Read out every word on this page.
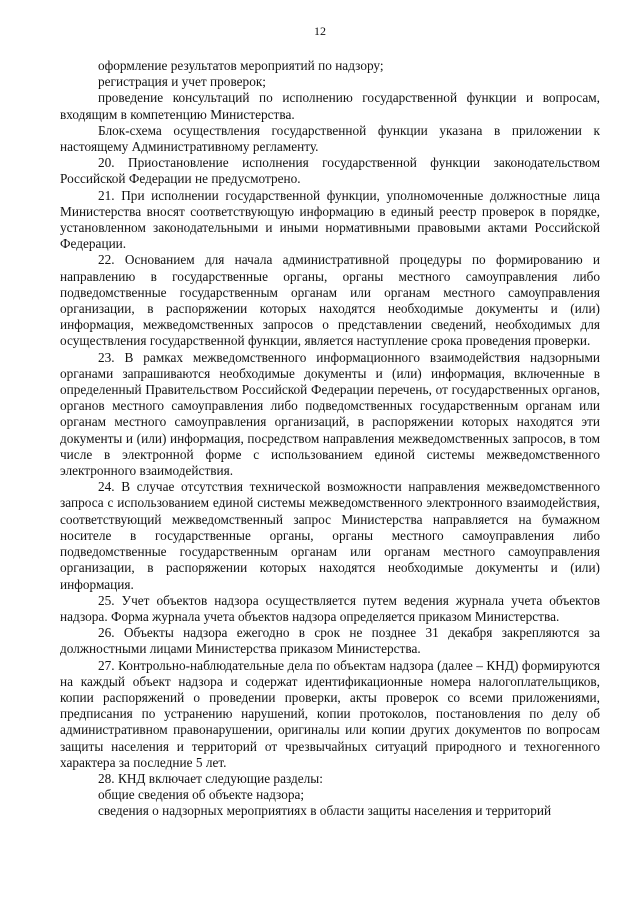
12

оформление результатов мероприятий по надзору;

регистрация и учет проверок;

проведение консультаций по исполнению государственной функции и вопросам, входящим в компетенцию Министерства.

Блок-схема осуществления государственной функции указана в приложении к настоящему Административному регламенту.

20. Приостановление исполнения государственной функции законодательством Российской Федерации не предусмотрено.

21. При исполнении государственной функции, уполномоченные должностные лица Министерства вносят соответствующую информацию в единый реестр проверок в порядке, установленном законодательными и иными нормативными правовыми актами Российской Федерации.

22. Основанием для начала административной процедуры по формированию и направлению в государственные органы, органы местного самоуправления либо подведомственные государственным органам или органам местного самоуправления организации, в распоряжении которых находятся необходимые документы и (или) информация, межведомственных запросов о представлении сведений, необходимых для осуществления государственной функции, является наступление срока проведения проверки.

23. В рамках межведомственного информационного взаимодействия надзорными органами запрашиваются необходимые документы и (или) информация, включенные в определенный Правительством Российской Федерации перечень, от государственных органов, органов местного самоуправления либо подведомственных государственным органам или органам местного самоуправления организаций, в распоряжении которых находятся эти документы и (или) информация, посредством направления межведомственных запросов, в том числе в электронной форме с использованием единой системы межведомственного электронного взаимодействия.

24. В случае отсутствия технической возможности направления межведомственного запроса с использованием единой системы межведомственного электронного взаимодействия, соответствующий межведомственный запрос Министерства направляется на бумажном носителе в государственные органы, органы местного самоуправления либо подведомственные государственным органам или органам местного самоуправления организации, в распоряжении которых находятся необходимые документы и (или) информация.

25. Учет объектов надзора осуществляется путем ведения журнала учета объектов надзора. Форма журнала учета объектов надзора определяется приказом Министерства.

26. Объекты надзора ежегодно в срок не позднее 31 декабря закрепляются за должностными лицами Министерства приказом Министерства.

27. Контрольно-наблюдательные дела по объектам надзора (далее – КНД) формируются на каждый объект надзора и содержат идентификационные номера налогоплательщиков, копии распоряжений о проведении проверки, акты проверок со всеми приложениями, предписания по устранению нарушений, копии протоколов, постановления по делу об административном правонарушении, оригиналы или копии других документов по вопросам защиты населения и территорий от чрезвычайных ситуаций природного и техногенного характера за последние 5 лет.

28. КНД включает следующие разделы:

общие сведения об объекте надзора;

сведения о надзорных мероприятиях в области защиты населения и территорий
